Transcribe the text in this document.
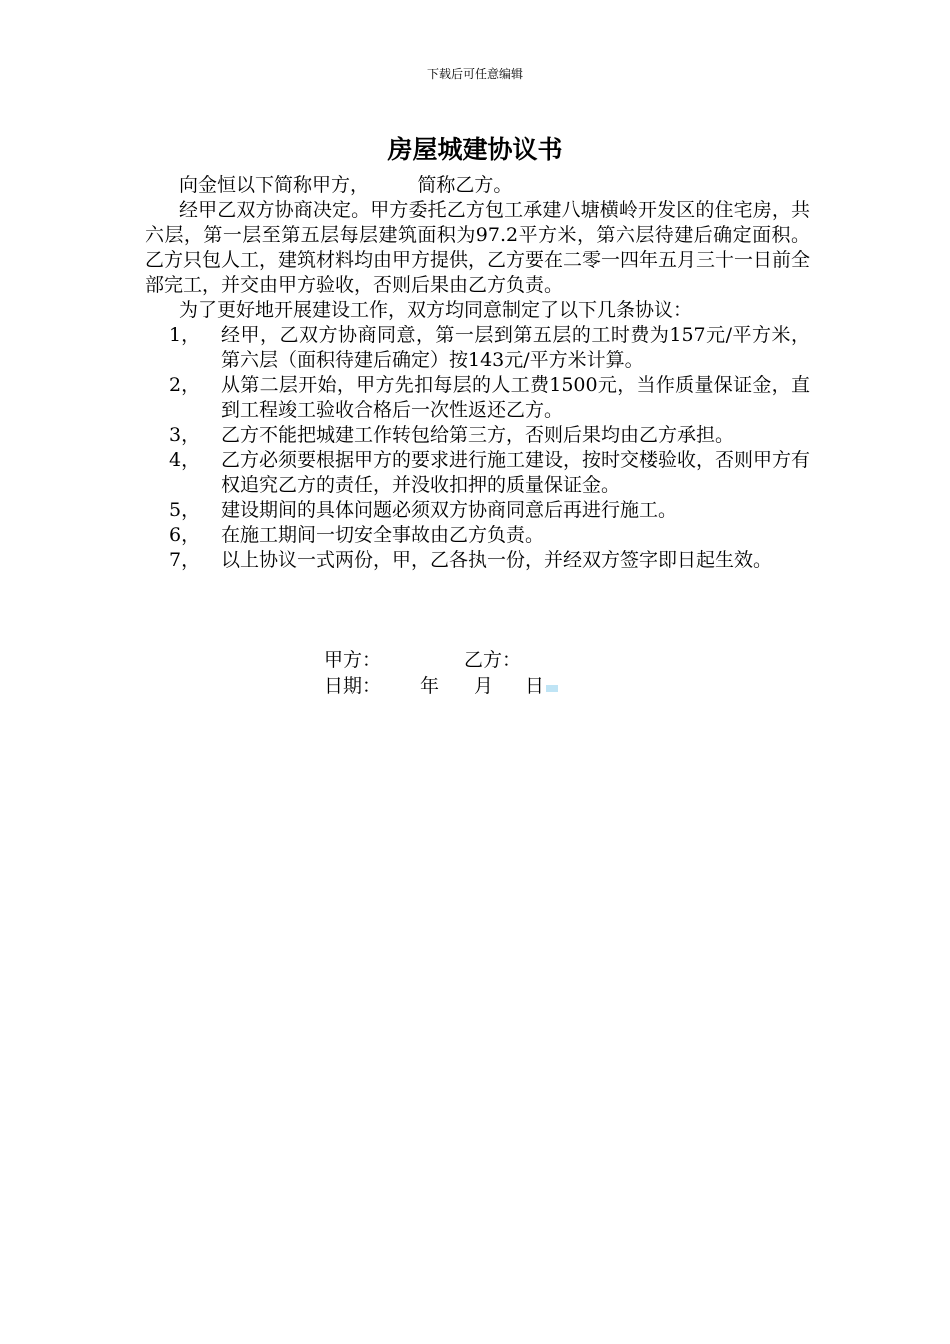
下载后可任意编辑
房屋城建协议书

向金恒以下简称甲方，        简称乙方。

经甲乙双方协商决定。甲方委托乙方包工承建八塘横岭开发区的住宅房，共六层，第一层至第五层每层建筑面积为97.2平方米，第六层待建后确定面积。乙方只包人工，建筑材料均由甲方提供，乙方要在二零一四年五月三十一日前全部完工，并交由甲方验收，否则后果由乙方负责。

为了更好地开展建设工作，双方均同意制定了以下几条协议：

1， 经甲，乙双方协商同意，第一层到第五层的工时费为157元/平方米，第六层（面积待建后确定）按143元/平方米计算。
2， 从第二层开始，甲方先扣每层的人工费1500元，当作质量保证金，直到工程竣工验收合格后一次性返还乙方。
3， 乙方不能把城建工作转包给第三方，否则后果均由乙方承担。
4， 乙方必须要根据甲方的要求进行施工建设，按时交楼验收，否则甲方有权追究乙方的责任，并没收扣押的质量保证金。
5， 建设期间的具体问题必须双方协商同意后再进行施工。
6， 在施工期间一切安全事故由乙方负责。
7， 以上协议一式两份，甲，乙各执一份，并经双方签字即日起生效。
甲方：	乙方：
日期： 年 月 日
